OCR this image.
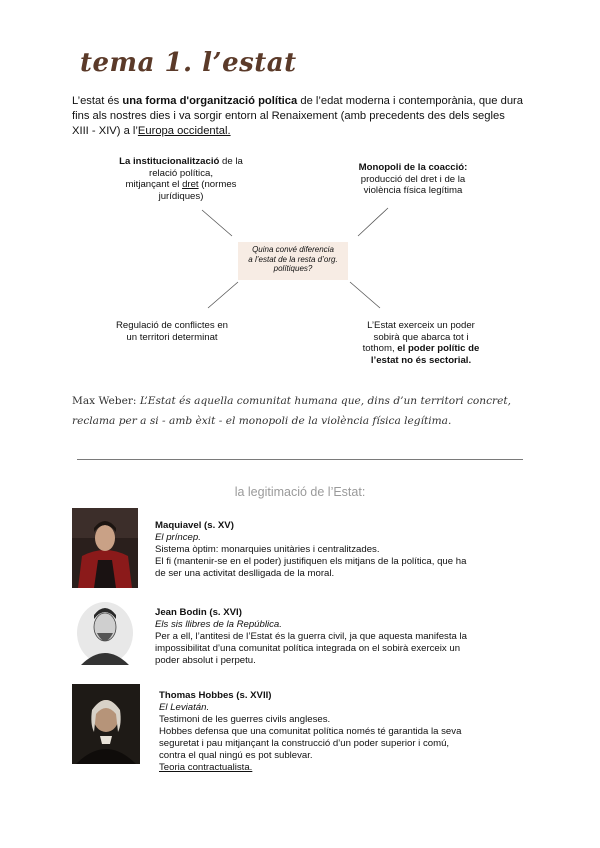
tema 1. l’estat
L’estat és una forma d'organització política de l’edat moderna i contemporània, que dura fins als nostres dies i va sorgir entorn al Renaixement (amb precedents des dels segles XIII - XIV) a l’Europa occidental.
La institucionalització de la relació política,
mitjançant el dret (normes
jurídiques)
Monopoli de la coacció:
producció del dret i de la
violència física legítima
Quina convé diferencia
a l’estat de la resta d’org.
polítiques?
Regulació de conflictes en
un territori determinat
L’Estat exerceix un poder
sobirà que abarca tot i
tothom, el poder polític de
l’estat no és sectorial.
Max Weber: L’Estat és aquella comunitat humana que, dins d’un territori concret, reclama per a si - amb èxit - el monopoli de la violència física legítima.
la legitimació de l’Estat:
Maquiavel (s. XV)
El príncep.
Sistema òptim: monarquies unitàries i centralitzades.
El fi (mantenir-se en el poder) justifiquen els mitjans de la política, que ha
de ser una activitat deslligada de la moral.
Jean Bodin (s. XVI)
Els sis llibres de la República.
Per a ell, l’antitesi de l’Estat és la guerra civil, ja que aquesta manifesta la
impossibilitat d’una comunitat política integrada on el sobirà exerceix un
poder absolut i perpetu.
Thomas Hobbes (s. XVII)
El Leviatán.
Testimoni de les guerres civils angleses.
Hobbes defensa que una comunitat política només té garantida la seva
seguretat i pau mitjançant la construcció d’un poder superior i comú,
contra el qual ningú es pot sublevar.
Teoria contractualista.
